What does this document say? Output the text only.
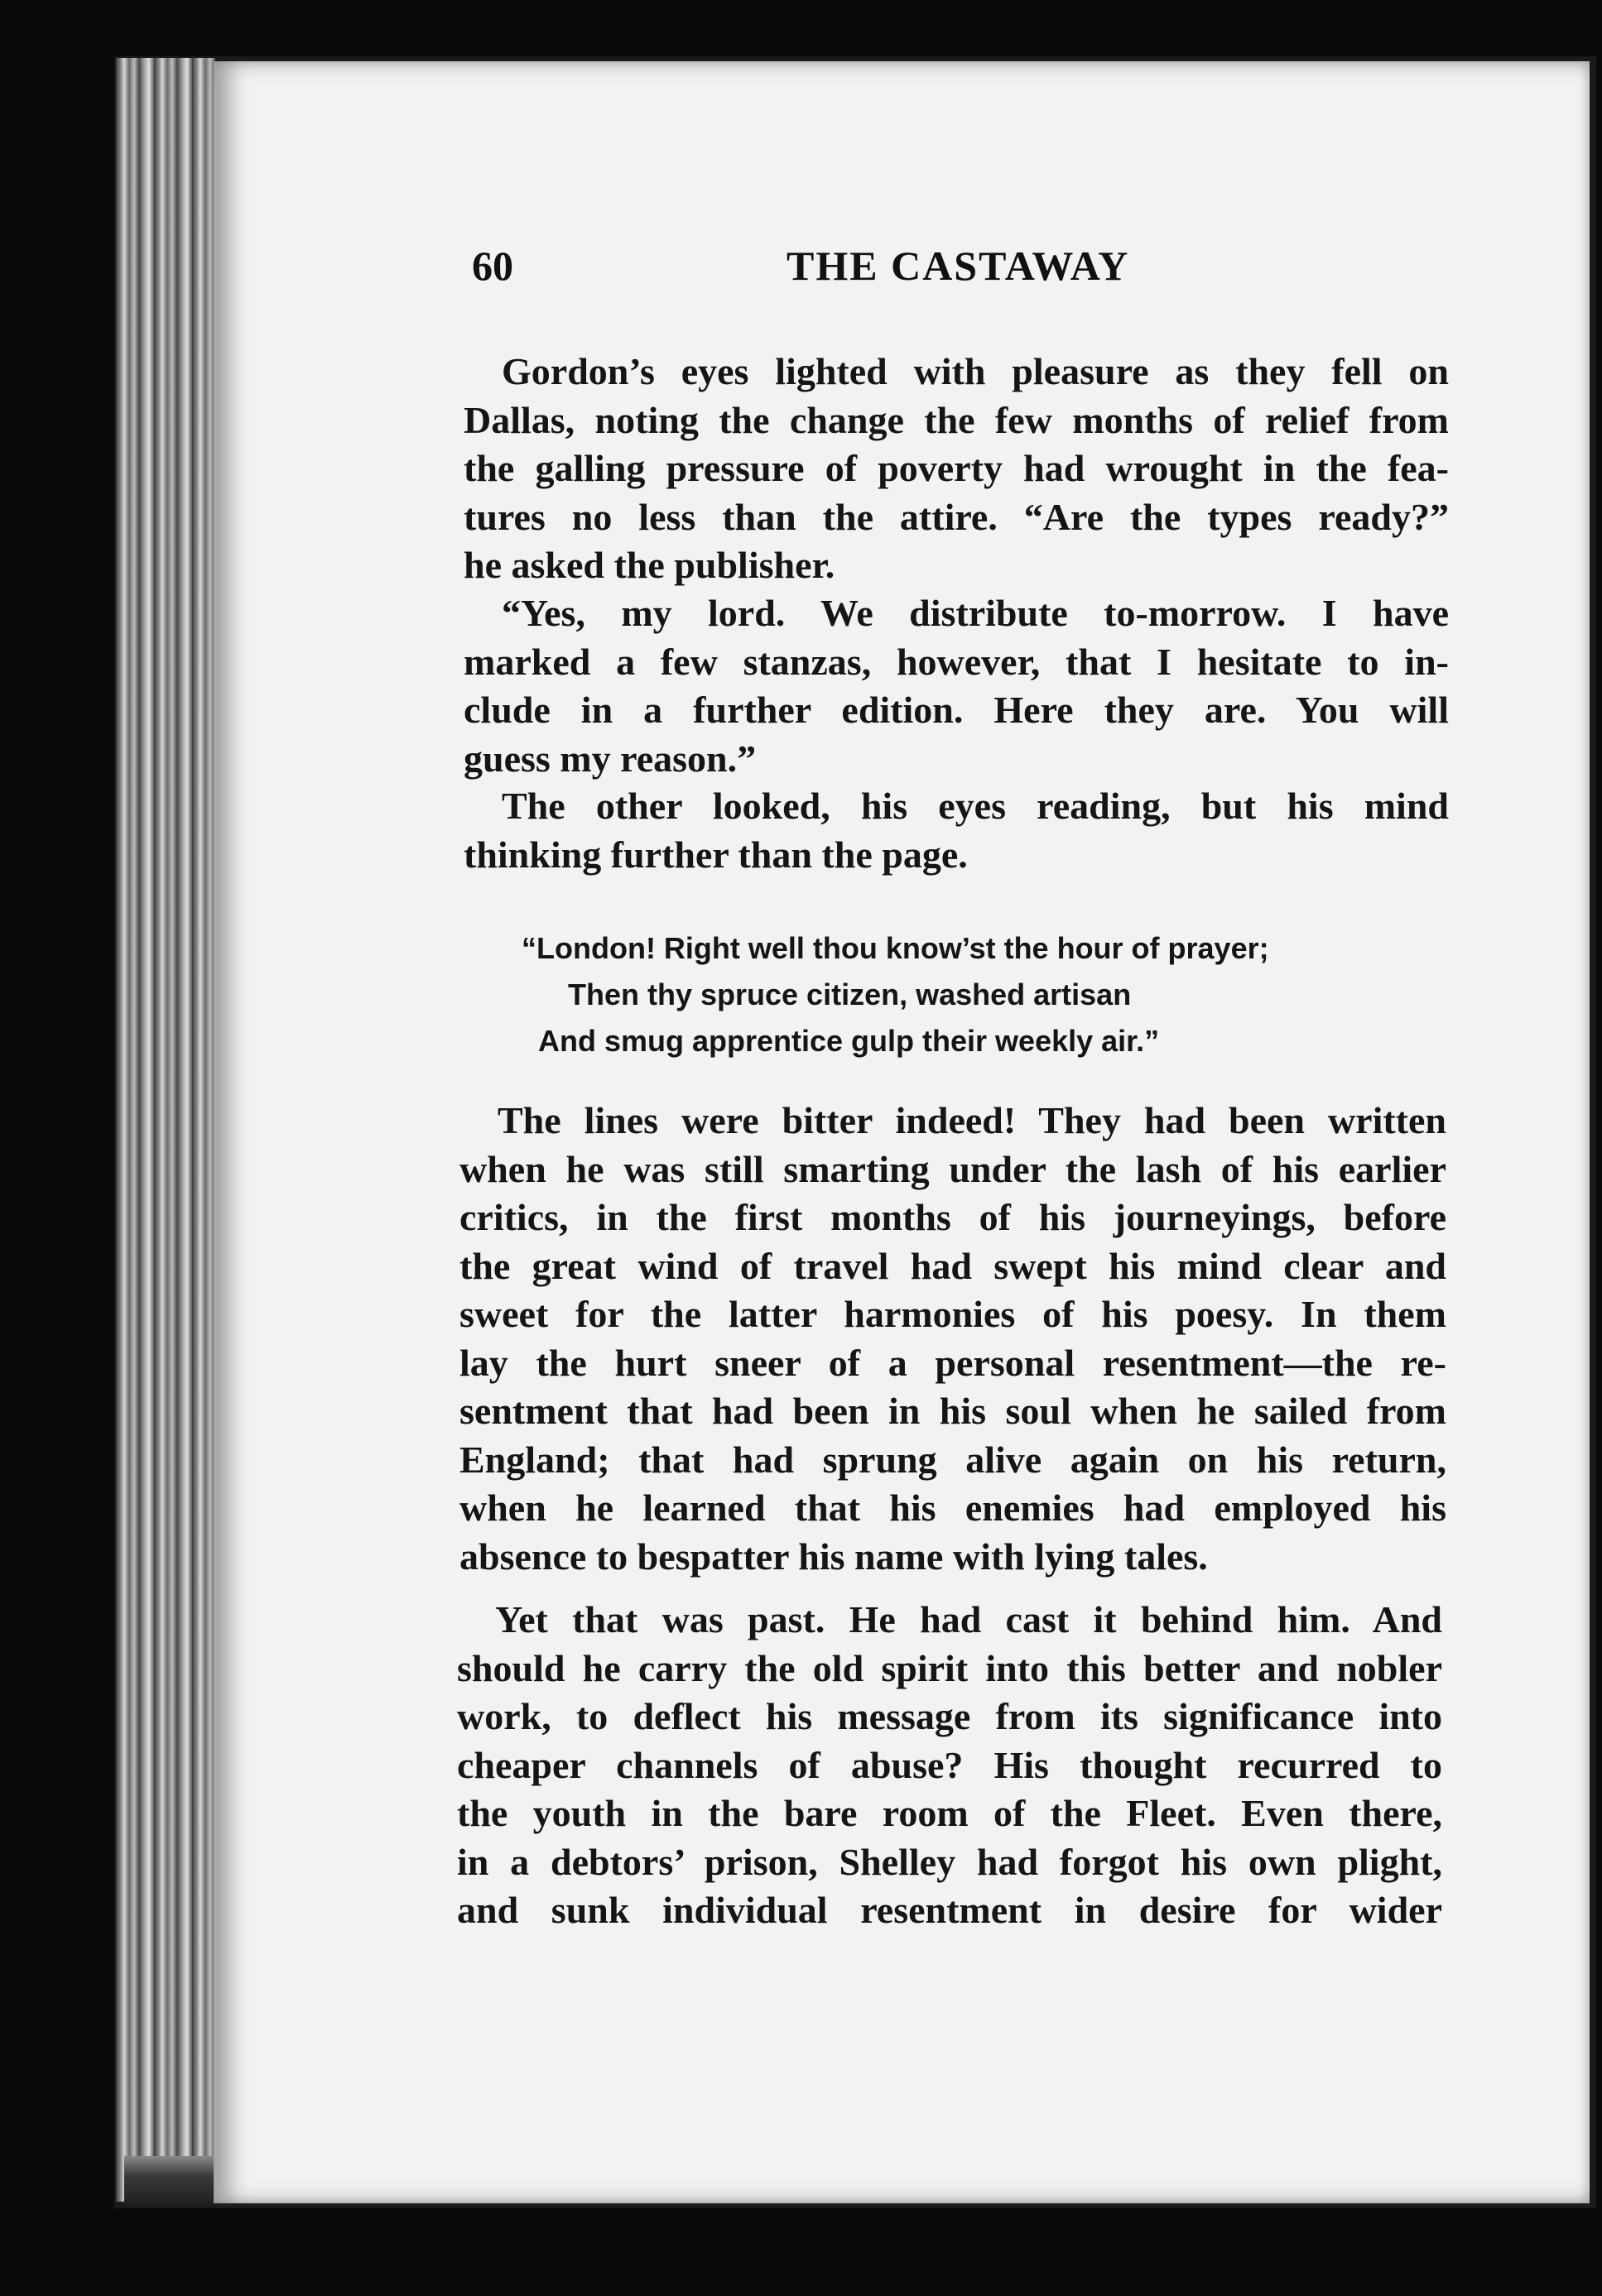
60	THE CASTAWAY
Gordon’s eyes lighted with pleasure as they fell on
Dallas, noting the change the few months of relief from
the galling pressure of poverty had wrought in the fea-
tures no less than the attire. “Are the types ready?”
he asked the publisher.
“Yes, my lord. We distribute to-morrow. I have
marked a few stanzas, however, that I hesitate to in-
clude in a further edition. Here they are. You will
guess my reason.”
The other looked, his eyes reading, but his mind
thinking further than the page.
“London! Right well thou know’st the hour of prayer;
Then thy spruce citizen, washed artisan
And smug apprentice gulp their weekly air.”
The lines were bitter indeed! They had been written
when he was still smarting under the lash of his earlier
critics, in the first months of his journeyings, before
the great wind of travel had swept his mind clear and
sweet for the latter harmonies of his poesy. In them
lay the hurt sneer of a personal resentment—the re-
sentment that had been in his soul when he sailed from
England; that had sprung alive again on his return,
when he learned that his enemies had employed his
absence to bespatter his name with lying tales.
Yet that was past. He had cast it behind him. And
should he carry the old spirit into this better and nobler
work, to deflect his message from its significance into
cheaper channels of abuse? His thought recurred to
the youth in the bare room of the Fleet. Even there,
in a debtors’ prison, Shelley had forgot his own plight,
and sunk individual resentment in desire for wider
